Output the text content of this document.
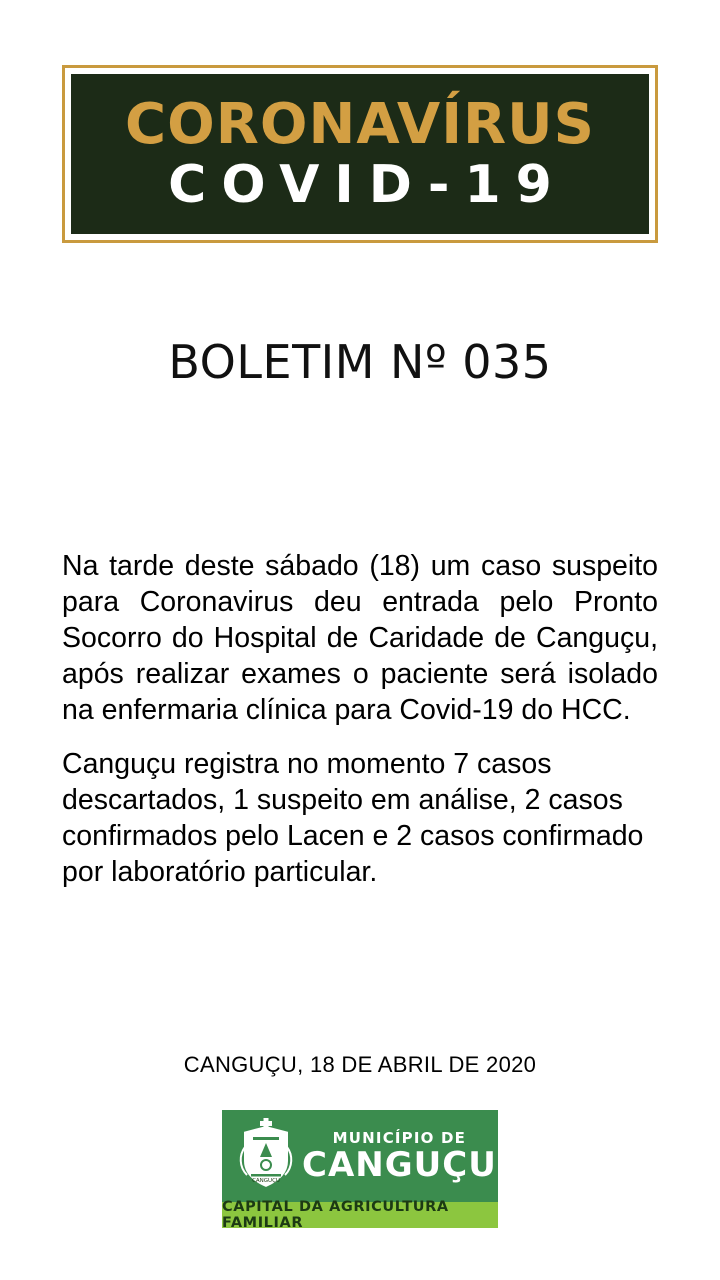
CORONAVÍRUS
COVID-19
BOLETIM Nº 035

Na tarde deste sábado (18) um caso suspeito para Coronavirus deu entrada pelo Pronto Socorro do Hospital de Caridade de Canguçu, após realizar exames o paciente será isolado na enfermaria clínica para Covid-19 do HCC.

Canguçu registra no momento 7 casos descartados, 1 suspeito em análise, 2 casos confirmados pelo Lacen e 2 casos confirmado por laboratório particular.

CANGUÇU, 18 DE ABRIL DE 2020
CANGUÇU
MUNICÍPIO DE
CANGUÇU
CAPITAL DA AGRICULTURA FAMILIAR
